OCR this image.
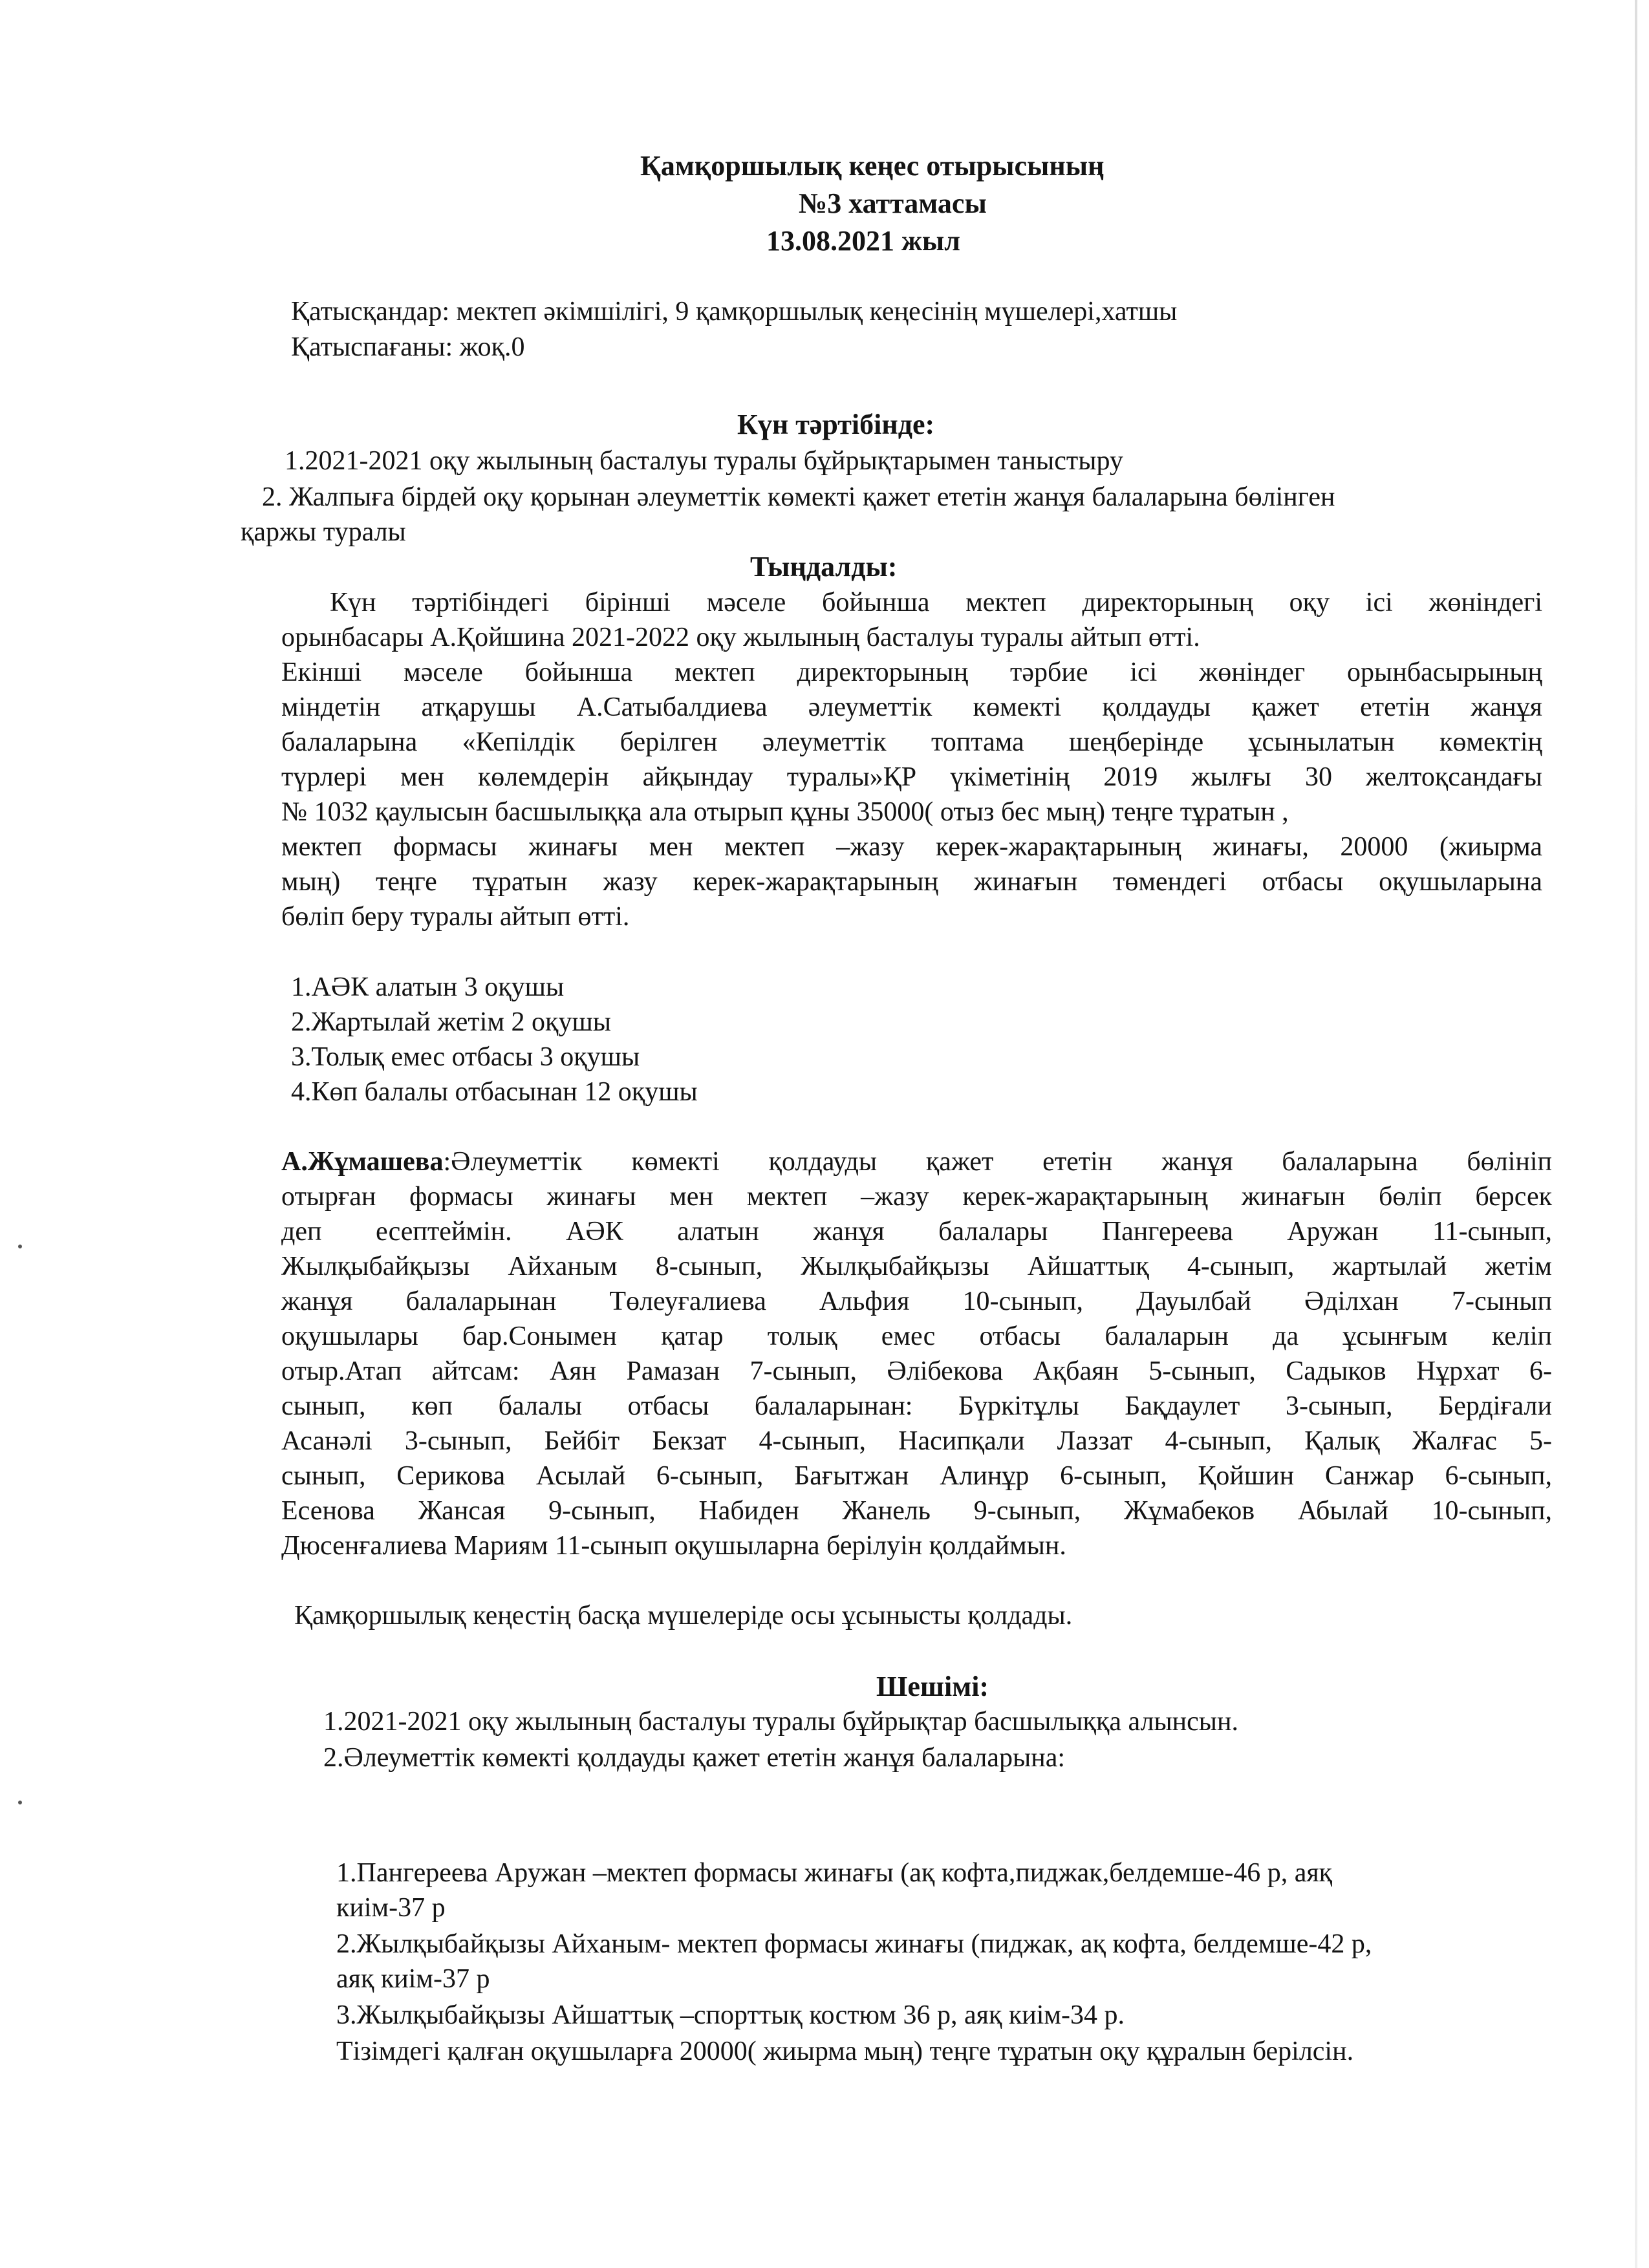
Қамқоршылық кеңес отырысының
№3 хаттамасы
13.08.2021 жыл
Қатысқандар: мектеп әкімшілігі, 9 қамқоршылық кеңесінің мүшелері,хатшы
Қатыспағаны: жоқ.0
Күн тәртібінде:
1.2021-2021 оқу жылының басталуы туралы бұйрықтарымен таныстыру
2. Жалпыға бірдей оқу қорынан әлеуметтік көмекті қажет ететін жанұя балаларына бөлінген
қаржы туралы
Тыңдалды:

Күн тәртібіндегі бірінші мәселе бойынша мектеп директорының оқу ісі жөніндегі

орынбасары А.Қойшина 2021-2022 оқу жылының басталуы туралы айтып өтті.

Екінші мәселе бойынша мектеп директорының тәрбие ісі жөніндег орынбасырының

міндетін атқарушы А.Сатыбалдиева әлеуметтік көмекті қолдауды қажет ететін жанұя

балаларына «Кепілдік берілген әлеуметтік топтама шеңберінде ұсынылатын көмектің

түрлері мен көлемдерін айқындау туралы»ҚР үкіметінің 2019 жылғы 30 желтоқсандағы

№ 1032 қаулысын басшылыққа ала отырып құны 35000( отыз бес мың) теңге тұратын ,

мектеп формасы жинағы мен мектеп –жазу керек-жарақтарының жинағы, 20000 (жиырма

мың) теңге тұратын жазу керек-жарақтарының жинағын төмендегі отбасы оқушыларына

бөліп беру туралы айтып өтті.

1.АӘК алатын 3 оқушы
2.Жартылай жетім 2 оқушы
3.Толық емес отбасы 3 оқушы
4.Көп балалы отбасынан 12 оқушы

А.Жұмашева:Әлеуметтік көмекті қолдауды қажет ететін жанұя балаларына бөлініп

отырған формасы жинағы мен мектеп –жазу керек-жарақтарының жинағын бөліп берсек

деп есептеймін. АӘК алатын жанұя балалары Пангереева Аружан 11-сынып,

Жылқыбайқызы Айханым 8-сынып, Жылқыбайқызы Айшаттық 4-сынып, жартылай жетім

жанұя балаларынан Төлеуғалиева Альфия 10-сынып, Дауылбай Әділхан 7-сынып

оқушылары бар.Сонымен қатар толық емес отбасы балаларын да ұсынғым келіп

отыр.Атап айтсам: Аян Рамазан 7-сынып, Әлібекова Ақбаян 5-сынып, Садыков Нұрхат 6-

сынып, көп балалы отбасы балаларынан: Бүркітұлы Бақдаулет 3-сынып, Бердіғали

Асанәлі 3-сынып, Бейбіт Бекзат 4-сынып, Насипқали Лаззат 4-сынып, Қалық Жалғас 5-

сынып, Серикова Асылай 6-сынып, Бағытжан Алинұр 6-сынып, Қойшин Санжар 6-сынып,

Есенова Жансая 9-сынып, Набиден Жанель 9-сынып, Жұмабеков Абылай 10-сынып,

Дюсенғалиева Мариям 11-сынып оқушыларна берілуін қолдаймын.

Қамқоршылық кеңестің басқа мүшелеріде осы ұсынысты қолдады.
Шешімі:
1.2021-2021 оқу жылының басталуы туралы бұйрықтар басшылыққа алынсын.
2.Әлеуметтік көмекті қолдауды қажет ететін жанұя балаларына:
1.Пангереева Аружан –мектеп формасы жинағы (ақ кофта,пиджак,белдемше-46 р, аяқ
киім-37 р
2.Жылқыбайқызы Айханым- мектеп формасы жинағы (пиджак, ақ кофта, белдемше-42 р,
аяқ киім-37 р
3.Жылқыбайқызы Айшаттық –спорттық костюм 36 р, аяқ киім-34 р.
Тізімдегі қалған оқушыларға 20000( жиырма мың) теңге тұратын оқу құралын берілсін.
